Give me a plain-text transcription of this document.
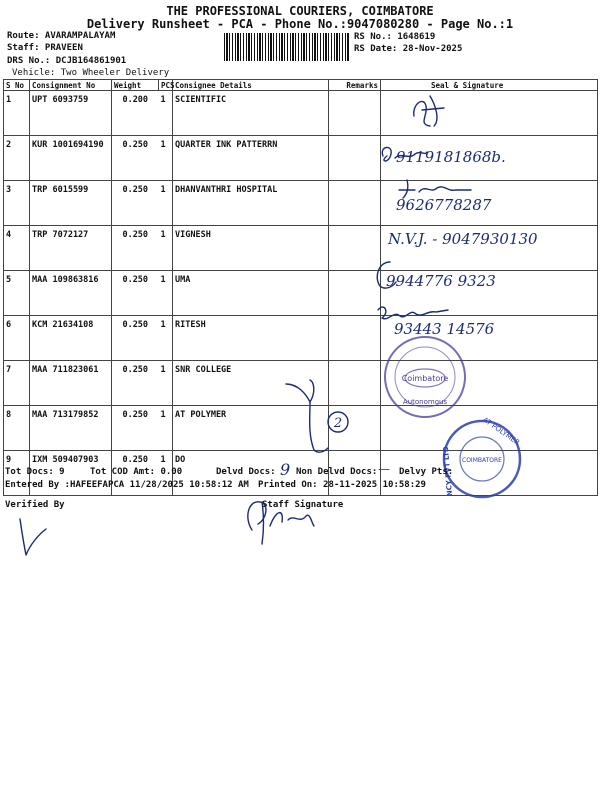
THE PROFESSIONAL COURIERS, COIMBATORE
Delivery Runsheet - PCA - Phone No.:9047080280 - Page No.:1
Route: AVARAMPALAYAM
Staff: PRAVEEN
DRS No.: DCJB164861901
Vehicle: Two Wheeler Delivery
RS No.: 1648619
RS Date: 28-Nov-2025
S No	Consignment No	Weight	PCS	Consignee Details	Remarks	Seal & Signature
1	UPT 6093759	0.200	1	SCIENTIFIC		
2	KUR 1001694190	0.250	1	QUARTER INK PATTERRN		
3	TRP 6015599	0.250	1	DHANVANTHRI HOSPITAL		
4	TRP 7072127	0.250	1	VIGNESH		
5	MAA 109863816	0.250	1	UMA		
6	KCM 21634108	0.250	1	RITESH		
7	MAA 711823061	0.250	1	SNR COLLEGE		
8	MAA 713179852	0.250	1	AT POLYMER		
9	IXM 509407903	0.250	1	DO		
9119181868b.
9626778287
N.V.J. - 9047930130
9944776 9323
93443 14576
Coimbatore
Autonomous
2
COIMBATORE
AT POLYMER
NCY PVT LTD
Tot Docs: 9	Tot COD Amt: 0.00	Delvd Docs: 9 Non Delvd Docs: — Delvy Pts:
Entered By :HAFEEFAPCA 11/28/2025 10:58:12 AM Printed On: 28-11-2025 10:58:29
Verified By	Staff Signature
